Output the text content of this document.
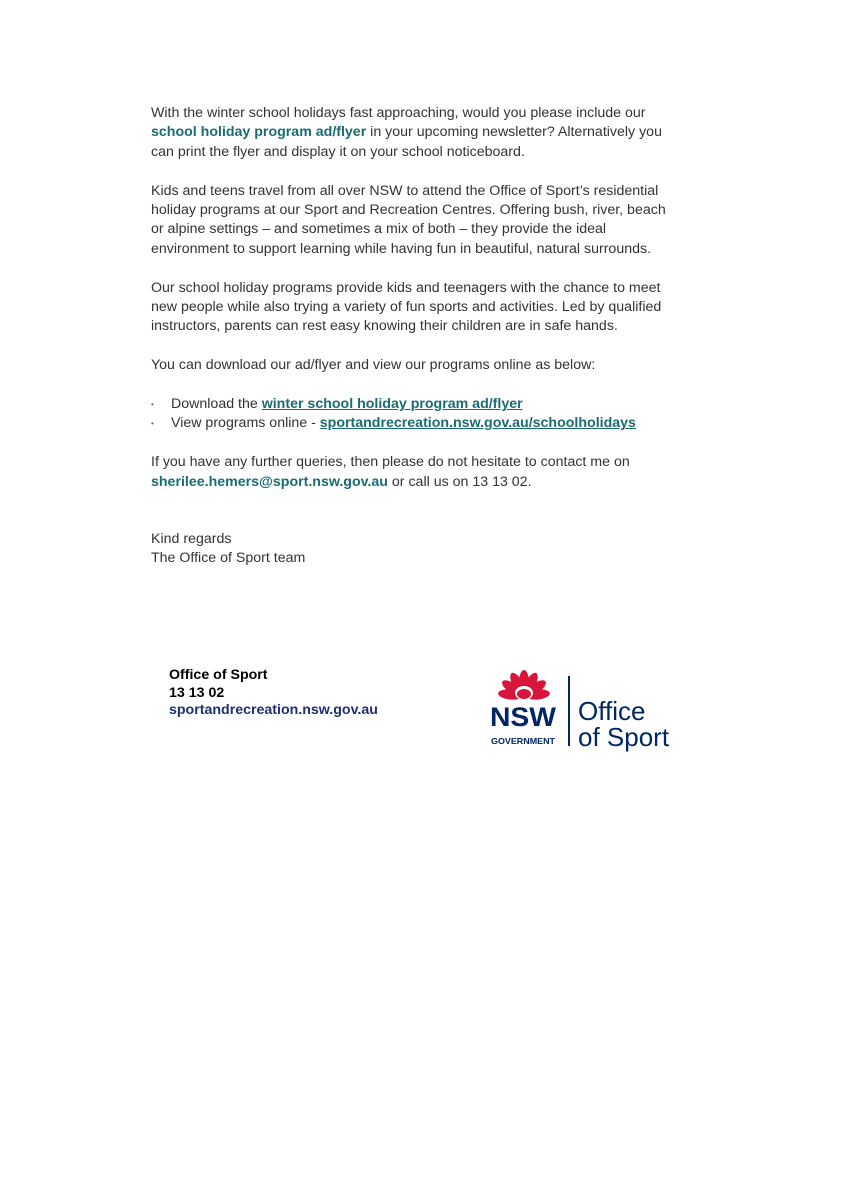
With the winter school holidays fast approaching, would you please include our school holiday program ad/flyer in your upcoming newsletter? Alternatively you can print the flyer and display it on your school noticeboard.

Kids and teens travel from all over NSW to attend the Office of Sport’s residential holiday programs at our Sport and Recreation Centres. Offering bush, river, beach or alpine settings – and sometimes a mix of both – they provide the ideal environment to support learning while having fun in beautiful, natural surrounds.

Our school holiday programs provide kids and teenagers with the chance to meet new people while also trying a variety of fun sports and activities. Led by qualified instructors, parents can rest easy knowing their children are in safe hands.

You can download our ad/flyer and view our programs online as below:

• Download the winter school holiday program ad/flyer
• View programs online - sportandrecreation.nsw.gov.au/schoolholidays

If you have any further queries, then please do not hesitate to contact me on sherilee.hemers@sport.nsw.gov.au or call us on 13 13 02.

Kind regards
The Office of Sport team
Office of Sport
13 13 02
sportandrecreation.nsw.gov.au	NSW
GOVERNMENT
Office
of Sport
